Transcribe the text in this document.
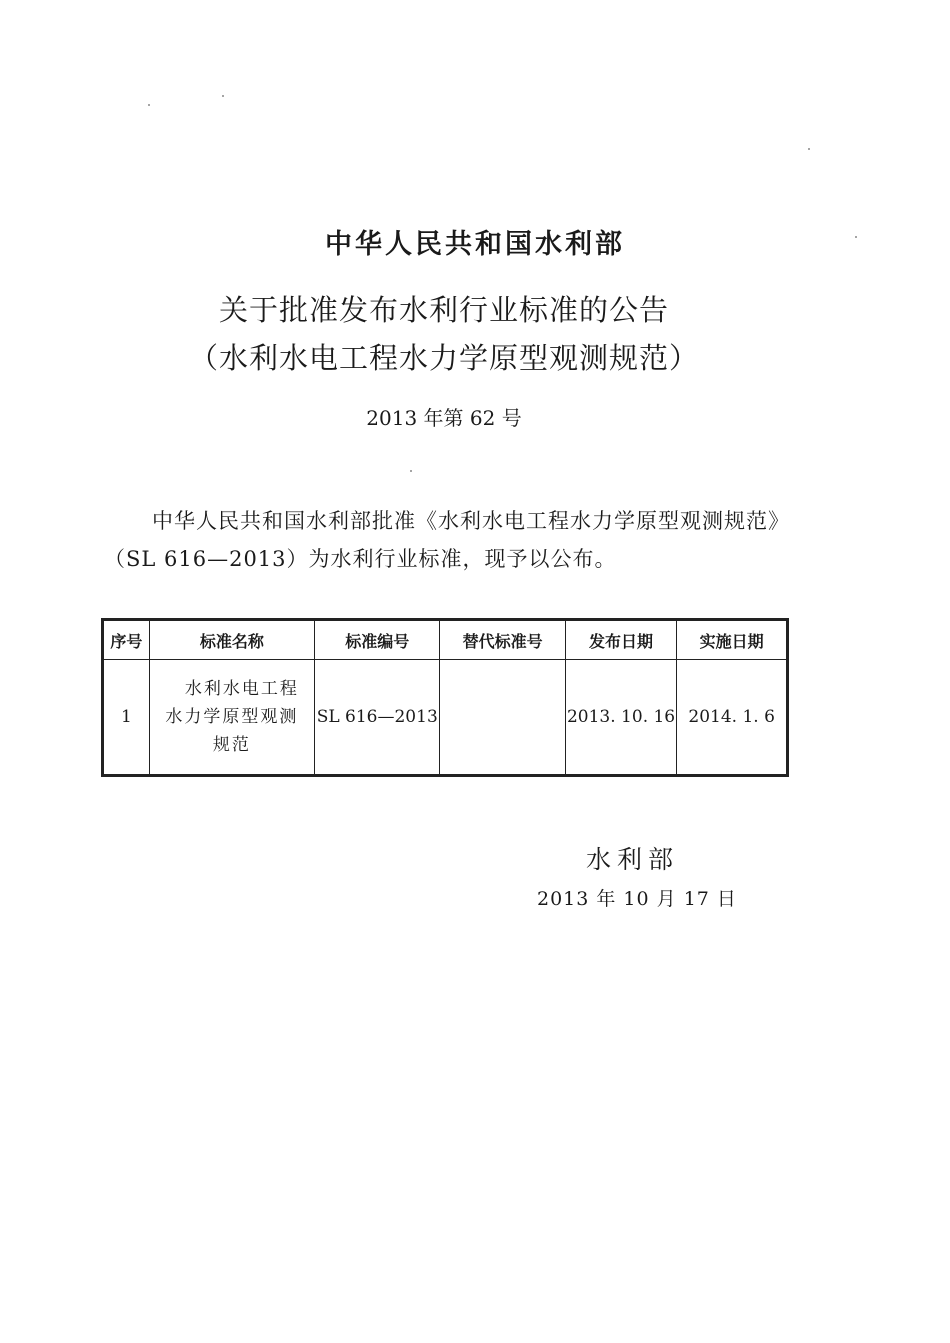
中华人民共和国水利部
关于批准发布水利行业标准的公告
（水利水电工程水力学原型观测规范）
2013 年第 62 号
中华人民共和国水利部批准《水利水电工程水力学原型观测规范》（SL 616—2013）为水利行业标准，现予以公布。
序号	标准名称	标准编号	替代标准号	发布日期	实施日期
1	水利水电工程
水力学原型观测
规范	SL 616—2013		2013. 10. 16	2014. 1. 6
水利部
2013 年 10 月 17 日
